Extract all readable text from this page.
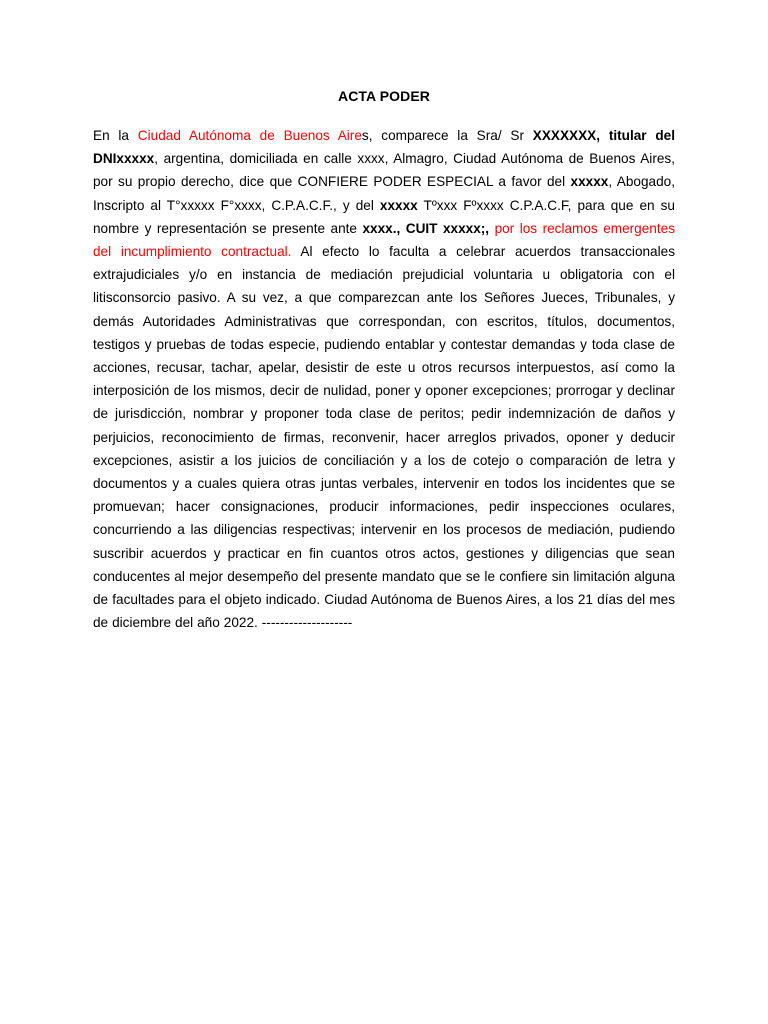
ACTA PODER

En la Ciudad Autónoma de Buenos Aires, comparece la Sra/ Sr XXXXXXX, titular del DNIxxxxx, argentina, domiciliada en calle xxxx, Almagro, Ciudad Autónoma de Buenos Aires, por su propio derecho, dice que CONFIERE PODER ESPECIAL a favor del xxxxx, Abogado, Inscripto al T°xxxxx F°xxxx, C.P.A.C.F., y del xxxxx Tºxxx Fºxxxx C.P.A.C.F, para que en su nombre y representación se presente ante xxxx., CUIT xxxxx;, por los reclamos emergentes del incumplimiento contractual. Al efecto lo faculta a celebrar acuerdos transaccionales extrajudiciales y/o en instancia de mediación prejudicial voluntaria u obligatoria con el litisconsorcio pasivo. A su vez, a que comparezcan ante los Señores Jueces, Tribunales, y demás Autoridades Administrativas que correspondan, con escritos, títulos, documentos, testigos y pruebas de todas especie, pudiendo entablar y contestar demandas y toda clase de acciones, recusar, tachar, apelar, desistir de este u otros recursos interpuestos, así como la interposición de los mismos, decir de nulidad, poner y oponer excepciones; prorrogar y declinar de jurisdicción, nombrar y proponer toda clase de peritos; pedir indemnización de daños y perjuicios, reconocimiento de firmas, reconvenir, hacer arreglos privados, oponer y deducir excepciones, asistir a los juicios de conciliación y a los de cotejo o comparación de letra y documentos y a cuales quiera otras juntas verbales, intervenir en todos los incidentes que se promuevan; hacer consignaciones, producir informaciones, pedir inspecciones oculares, concurriendo a las diligencias respectivas; intervenir en los procesos de mediación, pudiendo suscribir acuerdos y practicar en fin cuantos otros actos, gestiones y diligencias que sean conducentes al mejor desempeño del presente mandato que se le confiere sin limitación alguna de facultades para el objeto indicado. Ciudad Autónoma de Buenos Aires, a los 21 días del mes de diciembre del año 2022. --------------------
